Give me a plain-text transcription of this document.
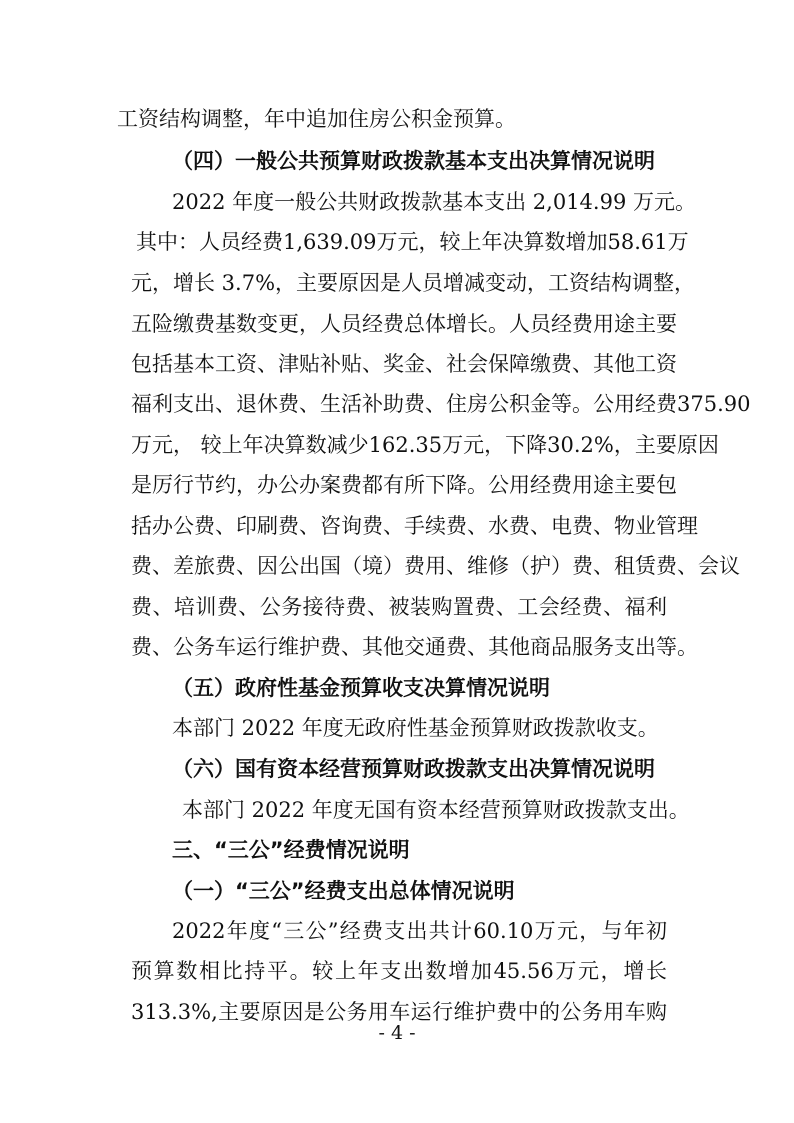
工资结构调整，年中追加住房公积金预算。
（四）一般公共预算财政拨款基本支出决算情况说明
2022 年度一般公共财政拨款基本支出 2,014.99 万元。
其中：人员经费1,639.09万元，较上年决算数增加58.61万
元，增长 3.7%，主要原因是人员增减变动，工资结构调整，
五险缴费基数变更，人员经费总体增长。人员经费用途主要
包括基本工资、津贴补贴、奖金、社会保障缴费、其他工资
福利支出、退休费、生活补助费、住房公积金等。公用经费375.90
万元， 较上年决算数减少162.35万元，下降30.2%，主要原因
是厉行节约，办公办案费都有所下降。公用经费用途主要包
括办公费、印刷费、咨询费、手续费、水费、电费、物业管理
费、差旅费、因公出国（境）费用、维修（护）费、租赁费、会议
费、培训费、公务接待费、被装购置费、工会经费、福利
费、公务车运行维护费、其他交通费、其他商品服务支出等。
（五）政府性基金预算收支决算情况说明
本部门 2022 年度无政府性基金预算财政拨款收支。
（六）国有资本经营预算财政拨款支出决算情况说明
本部门 2022 年度无国有资本经营预算财政拨款支出。
三、“三公”经费情况说明
（一）“三公”经费支出总体情况说明
2022年度“三公”经费支出共计60.10万元，与年初
预算数相比持平。较上年支出数增加45.56万元，增长
313.3%,主要原因是公务用车运行维护费中的公务用车购
- 4 -
